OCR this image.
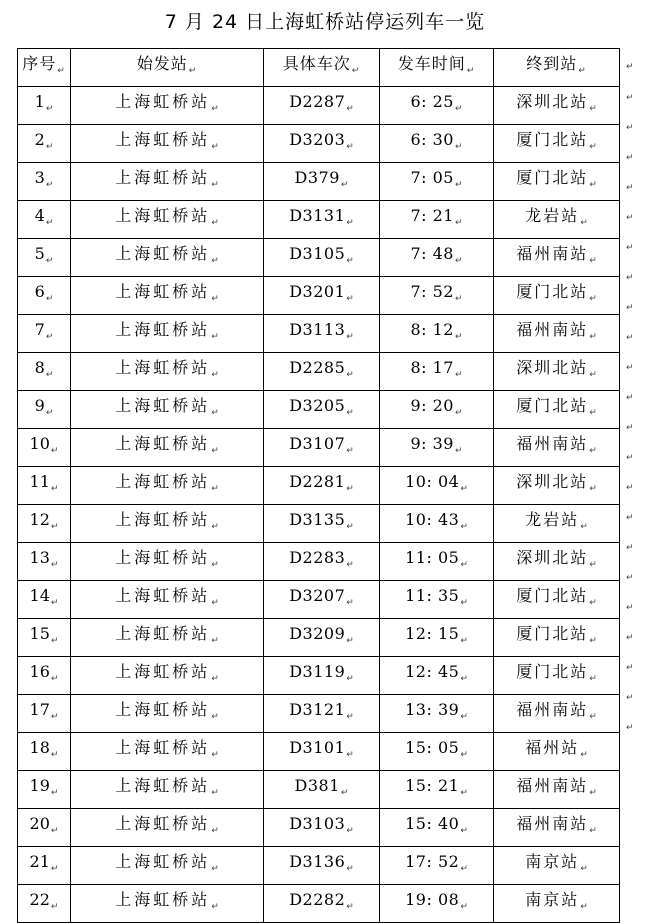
7 月 24 日上海虹桥站停运列车一览
序号$_↵$	始发站$_↵$	具体车次$_↵$	发车时间$_↵$	终到站$_↵$
$1_↵$	上海虹桥站$_↵$	$D2287_↵$	6: $25_↵$	深圳北站$_↵$
$2_↵$	上海虹桥站$_↵$	$D3203_↵$	6: $30_↵$	厦门北站$_↵$
$3_↵$	上海虹桥站$_↵$	$D379_↵$	7: $05_↵$	厦门北站$_↵$
$4_↵$	上海虹桥站$_↵$	$D3131_↵$	7: $21_↵$	龙岩站$_↵$
$5_↵$	上海虹桥站$_↵$	$D3105_↵$	7: $48_↵$	福州南站$_↵$
$6_↵$	上海虹桥站$_↵$	$D3201_↵$	7: $52_↵$	厦门北站$_↵$
$7_↵$	上海虹桥站$_↵$	$D3113_↵$	8: $12_↵$	福州南站$_↵$
$8_↵$	上海虹桥站$_↵$	$D2285_↵$	8: $17_↵$	深圳北站$_↵$
$9_↵$	上海虹桥站$_↵$	$D3205_↵$	9: $20_↵$	厦门北站$_↵$
$10_↵$	上海虹桥站$_↵$	$D3107_↵$	9: $39_↵$	福州南站$_↵$
$11_↵$	上海虹桥站$_↵$	$D2281_↵$	10: $04_↵$	深圳北站$_↵$
$12_↵$	上海虹桥站$_↵$	$D3135_↵$	10: $43_↵$	龙岩站$_↵$
$13_↵$	上海虹桥站$_↵$	$D2283_↵$	11: $05_↵$	深圳北站$_↵$
$14_↵$	上海虹桥站$_↵$	$D3207_↵$	11: $35_↵$	厦门北站$_↵$
$15_↵$	上海虹桥站$_↵$	$D3209_↵$	12: $15_↵$	厦门北站$_↵$
$16_↵$	上海虹桥站$_↵$	$D3119_↵$	12: $45_↵$	厦门北站$_↵$
$17_↵$	上海虹桥站$_↵$	$D3121_↵$	13: $39_↵$	福州南站$_↵$
$18_↵$	上海虹桥站$_↵$	$D3101_↵$	15: $05_↵$	福州站$_↵$
$19_↵$	上海虹桥站$_↵$	$D381_↵$	15: $21_↵$	福州南站$_↵$
$20_↵$	上海虹桥站$_↵$	$D3103_↵$	15: $40_↵$	福州南站$_↵$
$21_↵$	上海虹桥站$_↵$	$D3136_↵$	17: $52_↵$	南京站$_↵$
$22_↵$	上海虹桥站$_↵$	$D2282_↵$	19: $08_↵$	南京站$_↵$
↵
↵
↵
↵
↵
↵
↵
↵
↵
↵
↵
↵
↵
↵
↵
↵
↵
↵
↵
↵
↵
↵
↵
